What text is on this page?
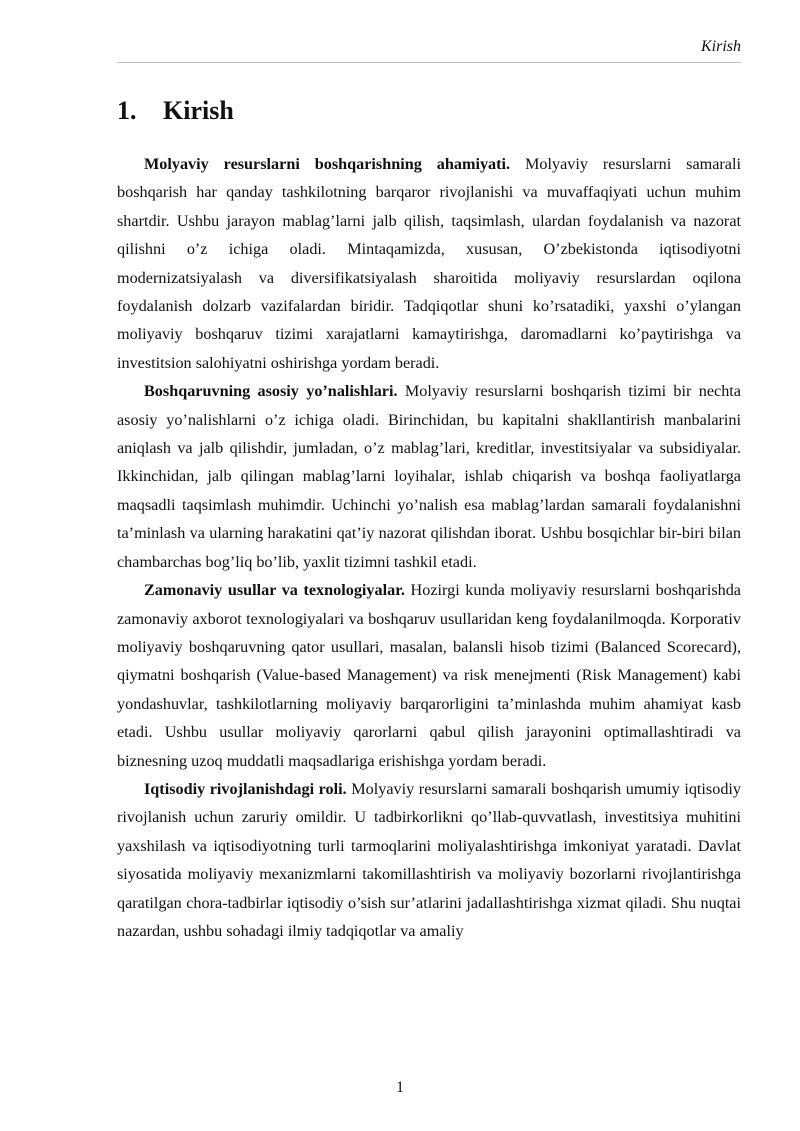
Kirish
1. Kirish

Molyaviy resurslarni boshqarishning ahamiyati. Molyaviy resurslarni samarali boshqarish har qanday tashkilotning barqaror rivojlanishi va muvaffaqiyati uchun muhim shartdir. Ushbu jarayon mablag’larni jalb qilish, taqsimlash, ulardan foydalanish va nazorat qilishni o’z ichiga oladi. Mintaqamizda, xususan, O’zbekistonda iqtisodiyotni modernizatsiyalash va diversifikatsiyalash sharoitida moliyaviy resurslardan oqilona foydalanish dolzarb vazifalardan biridir. Tadqiqotlar shuni ko’rsatadiki, yaxshi o’ylangan moliyaviy boshqaruv tizimi xarajatlarni kamaytirishga, daromadlarni ko’paytirishga va investitsion salohiyatni oshirishga yordam beradi.

Boshqaruvning asosiy yo’nalishlari. Molyaviy resurslarni boshqarish tizimi bir nechta asosiy yo’nalishlarni o’z ichiga oladi. Birinchidan, bu kapitalni shakllantirish manbalarini aniqlash va jalb qilishdir, jumladan, o’z mablag’lari, kreditlar, investitsiyalar va subsidiyalar. Ikkinchidan, jalb qilingan mablag’larni loyihalar, ishlab chiqarish va boshqa faoliyatlarga maqsadli taqsimlash muhimdir. Uchinchi yo’nalish esa mablag’lardan samarali foydalanishni ta’minlash va ularning harakatini qat’iy nazorat qilishdan iborat. Ushbu bosqichlar bir-biri bilan chambarchas bog’liq bo’lib, yaxlit tizimni tashkil etadi.

Zamonaviy usullar va texnologiyalar. Hozirgi kunda moliyaviy resurslarni boshqarishda zamonaviy axborot texnologiyalari va boshqaruv usullaridan keng foydalanilmoqda. Korporativ moliyaviy boshqaruvning qator usullari, masalan, balansli hisob tizimi (Balanced Scorecard), qiymatni boshqarish (Value-based Management) va risk menejmenti (Risk Management) kabi yondashuvlar, tashkilotlarning moliyaviy barqarorligini ta’minlashda muhim ahamiyat kasb etadi. Ushbu usullar moliyaviy qarorlarni qabul qilish jarayonini optimallashtiradi va biznesning uzoq muddatli maqsadlariga erishishga yordam beradi.

Iqtisodiy rivojlanishdagi roli. Molyaviy resurslarni samarali boshqarish umumiy iqtisodiy rivojlanish uchun zaruriy omildir. U tadbirkorlikni qo’llab-quvvatlash, investitsiya muhitini yaxshilash va iqtisodiyotning turli tarmoqlarini moliyalashtirishga imkoniyat yaratadi. Davlat siyosatida moliyaviy mexanizmlarni takomillashtirish va moliyaviy bozorlarni rivojlantirishga qaratilgan chora-tadbirlar iqtisodiy o’sish sur’atlarini jadallashtirishga xizmat qiladi. Shu nuqtai nazardan, ushbu sohadagi ilmiy tadqiqotlar va amaliy

1
